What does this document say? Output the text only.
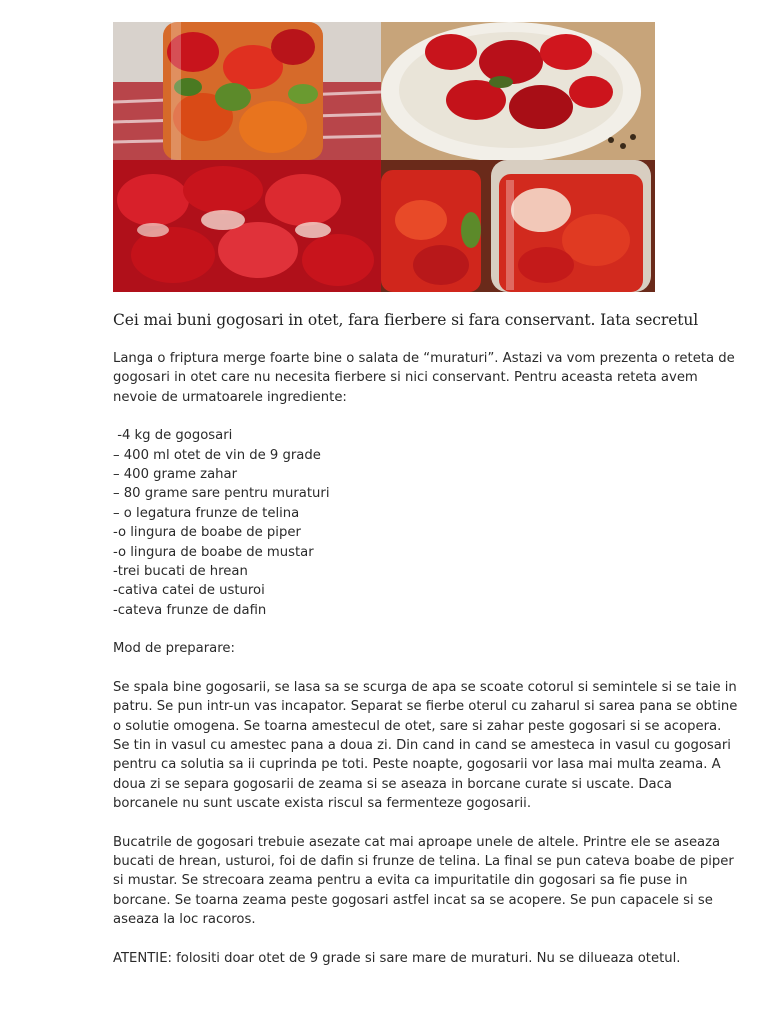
Cei mai buni gogosari in otet, fara fierbere si fara conservant. Iata secretul

Langa o friptura merge foarte bine o salata de “muraturi”. Astazi va vom prezenta o reteta de gogosari in otet care nu necesita fierbere si nici conservant. Pentru aceasta reteta avem nevoie de urmatoarele ingrediente:

-4 kg de gogosari
– 400 ml otet de vin de 9 grade
– 400 grame zahar
– 80 grame sare pentru muraturi
– o legatura frunze de telina
-o lingura de boabe de piper
-o lingura de boabe de mustar
-trei bucati de hrean
-cativa catei de usturoi
-cateva frunze de dafin

Mod de preparare:

Se spala bine gogosarii, se lasa sa se scurga de apa se scoate cotorul si semintele si se taie in patru. Se pun intr-un vas incapator. Separat se fierbe oterul cu zaharul si sarea pana se obtine o solutie omogena. Se toarna amestecul de otet, sare si zahar peste gogosari si se acopera. Se tin in vasul cu amestec pana a doua zi. Din cand in cand se amesteca in vasul cu gogosari pentru ca solutia sa ii cuprinda pe toti. Peste noapte, gogosarii vor lasa mai multa zeama. A doua zi se separa gogosarii de zeama si se aseaza in borcane curate si uscate. Daca borcanele nu sunt uscate exista riscul sa fermenteze gogosarii.

Bucatrile de gogosari trebuie asezate cat mai aproape unele de altele. Printre ele se aseaza bucati de hrean, usturoi, foi de dafin si frunze de telina. La final se pun cateva boabe de piper si mustar. Se strecoara zeama pentru a evita ca impuritatile din gogosari sa fie puse in borcane. Se toarna zeama peste gogosari astfel incat sa se acopere. Se pun capacele si se aseaza la loc racoros.

ATENTIE: folositi doar otet de 9 grade si sare mare de muraturi. Nu se dilueaza otetul.
